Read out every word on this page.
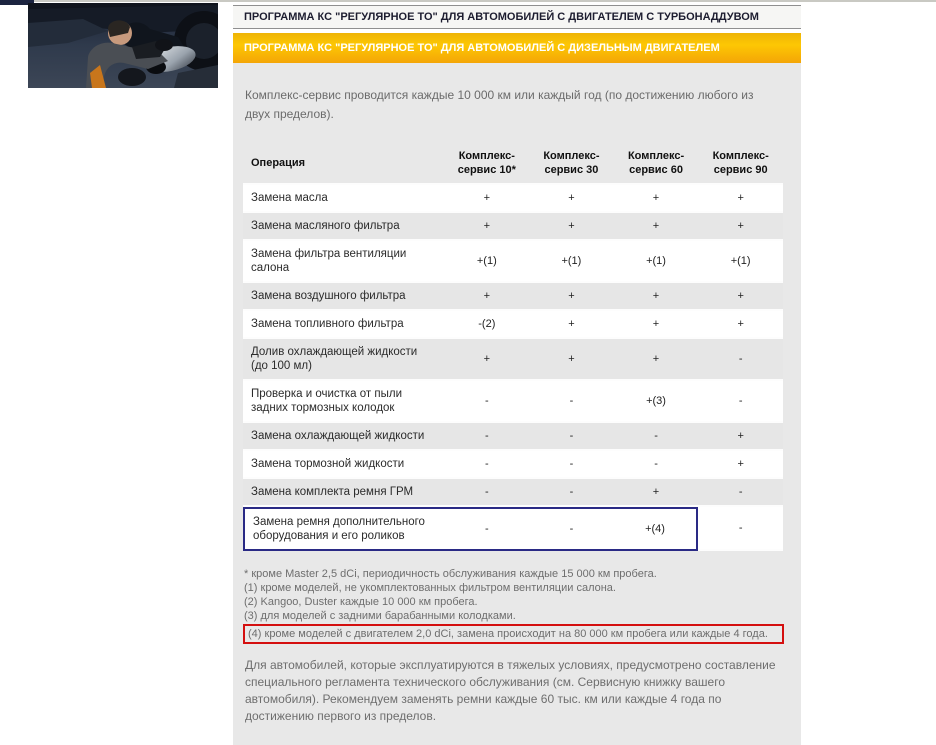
ПРОГРАММА КС "РЕГУЛЯРНОЕ ТО" ДЛЯ АВТОМОБИЛЕЙ С ДВИГАТЕЛЕМ С ТУРБОНАДДУВОМ
ПРОГРАММА КС "РЕГУЛЯРНОЕ ТО" ДЛЯ АВТОМОБИЛЕЙ С ДИЗЕЛЬНЫМ ДВИГАТЕЛЕМ
Комплекс-сервис проводится каждые 10 000 км или каждый год (по достижению любого из двух пределов).
Операция	Комплекс-сервис 10*	Комплекс-сервис 30	Комплекс-сервис 60	Комплекс-сервис 90
Замена масла	+	+	+	+
Замена масляного фильтра	+	+	+	+
Замена фильтра вентиляции салона	+(1)	+(1)	+(1)	+(1)
Замена воздушного фильтра	+	+	+	+
Замена топливного фильтра	-(2)	+	+	+
Долив охлаждающей жидкости (до 100 мл)	+	+	+	-
Проверка и очистка от пыли задних тормозных колодок	-	-	+(3)	-
Замена охлаждающей жидкости	-	-	-	+
Замена тормозной жидкости	-	-	-	+
Замена комплекта ремня ГРМ	-	-	+	-
Замена ремня дополнительного оборудования и его роликов	-	-	+(4)	-
* кроме Master 2,5 dCi, периодичность обслуживания каждые 15 000 км пробега.
(1) кроме моделей, не укомплектованных фильтром вентиляции салона.
(2) Kangoo, Duster каждые 10 000 км пробега.
(3) для моделей с задними барабанными колодками.
(4) кроме моделей с двигателем 2,0 dCi, замена происходит на 80 000 км пробега или каждые 4 года.
Для автомобилей, которые эксплуатируются в тяжелых условиях, предусмотрено составление специального регламента технического обслуживания (см. Сервисную книжку вашего автомобиля). Рекомендуем заменять ремни каждые 60 тыс. км или каждые 4 года по достижению первого из пределов.
